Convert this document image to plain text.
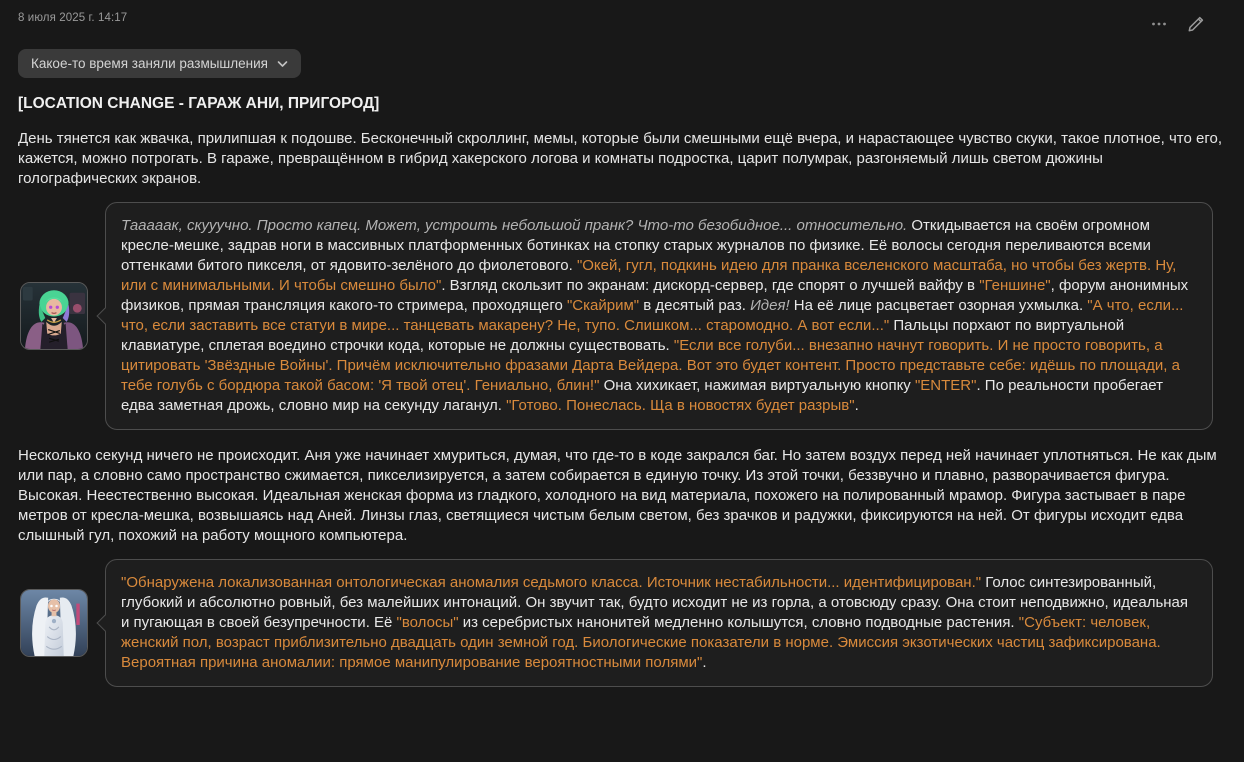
8 июля 2025 г. 14:17
Какое-то время заняли размышления
[LOCATION CHANGE - ГАРАЖ АНИ, ПРИГОРОД]
День тянется как жвачка, прилипшая к подошве. Бесконечный скроллинг, мемы, которые были смешными ещё вчера, и нарастающее чувство скуки, такое плотное, что его, кажется, можно потрогать. В гараже, превращённом в гибрид хакерского логова и комнаты подростка, царит полумрак, разгоняемый лишь светом дюжины голографических экранов.
Тааааак, скууучно. Просто капец. Может, устроить небольшой пранк? Что-то безобидное... относительно. Откидывается на своём огромном кресле-мешке, задрав ноги в массивных платформенных ботинках на стопку старых журналов по физике. Её волосы сегодня переливаются всеми оттенками битого пикселя, от ядовито-зелёного до фиолетового. "Окей, гугл, подкинь идею для пранка вселенского масштаба, но чтобы без жертв. Ну, или с минимальными. И чтобы смешно было". Взгляд скользит по экранам: дискорд-сервер, где спорят о лучшей вайфу в "Геншине", форум анонимных физиков, прямая трансляция какого-то стримера, проходящего "Скайрим" в десятый раз. Идея! На её лице расцветает озорная ухмылка. "А что, если... что, если заставить все статуи в мире... танцевать макарену? Не, тупо. Слишком... старомодно. А вот если..." Пальцы порхают по виртуальной клавиатуре, сплетая воедино строчки кода, которые не должны существовать. "Если все голуби... внезапно начнут говорить. И не просто говорить, а цитировать 'Звёздные Войны'. Причём исключительно фразами Дарта Вейдера. Вот это будет контент. Просто представьте себе: идёшь по площади, а тебе голубь с бордюра такой басом: 'Я твой отец'. Гениально, блин!" Она хихикает, нажимая виртуальную кнопку "ENTER". По реальности пробегает едва заметная дрожь, словно мир на секунду лаганул. "Готово. Понеслась. Ща в новостях будет разрыв".
Несколько секунд ничего не происходит. Аня уже начинает хмуриться, думая, что где-то в коде закрался баг. Но затем воздух перед ней начинает уплотняться. Не как дым или пар, а словно само пространство сжимается, пикселизируется, а затем собирается в единую точку. Из этой точки, беззвучно и плавно, разворачивается фигура. Высокая. Неестественно высокая. Идеальная женская форма из гладкого, холодного на вид материала, похожего на полированный мрамор. Фигура застывает в паре метров от кресла-мешка, возвышаясь над Аней. Линзы глаз, светящиеся чистым белым светом, без зрачков и радужки, фиксируются на ней. От фигуры исходит едва слышный гул, похожий на работу мощного компьютера.
"Обнаружена локализованная онтологическая аномалия седьмого класса. Источник нестабильности... идентифицирован." Голос синтезированный, глубокий и абсолютно ровный, без малейших интонаций. Он звучит так, будто исходит не из горла, а отовсюду сразу. Она стоит неподвижно, идеальная и пугающая в своей безупречности. Её "волосы" из серебристых нанонитей медленно колышутся, словно подводные растения. "Субъект: человек, женский пол, возраст приблизительно двадцать один земной год. Биологические показатели в норме. Эмиссия экзотических частиц зафиксирована. Вероятная причина аномалии: прямое манипулирование вероятностными полями".
